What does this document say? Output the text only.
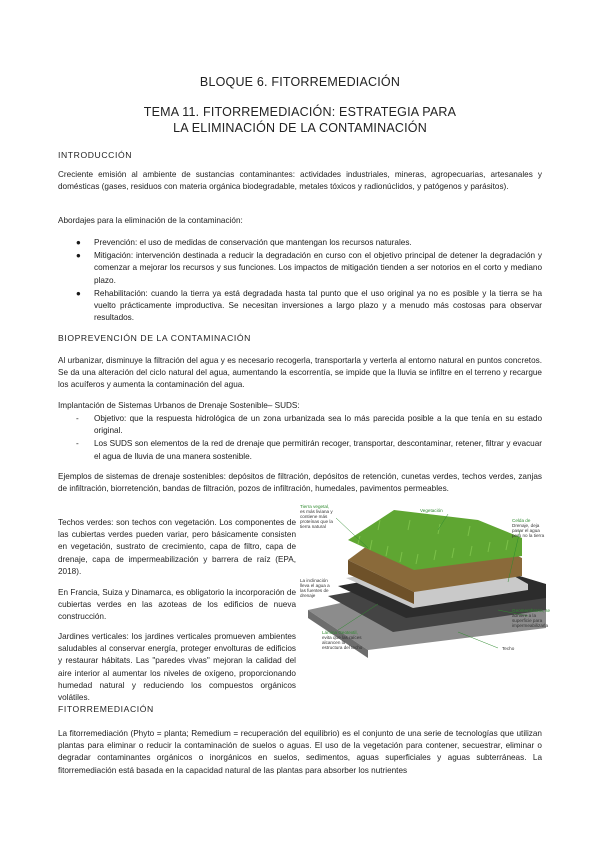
BLOQUE 6. FITORREMEDIACIÓN
TEMA 11. FITORREMEDIACIÓN: ESTRATEGIA PARA
LA ELIMINACIÓN DE LA CONTAMINACIÓN
INTRODUCCIÓN
Creciente emisión al ambiente de sustancias contaminantes: actividades industriales, mineras, agropecuarias, artesanales y domésticas (gases, residuos con materia orgánica biodegradable, metales tóxicos y radionúclidos, y patógenos y parásitos).
Abordajes para la eliminación de la contaminación:
● Prevención: el uso de medidas de conservación que mantengan los recursos naturales.
● Mitigación: intervención destinada a reducir la degradación en curso con el objetivo principal de detener la degradación y comenzar a mejorar los recursos y sus funciones. Los impactos de mitigación tienden a ser notorios en el corto y mediano plazo.
● Rehabilitación: cuando la tierra ya está degradada hasta tal punto que el uso original ya no es posible y la tierra se ha vuelto prácticamente improductiva. Se necesitan inversiones a largo plazo y a menudo más costosas para observar resultados.
BIOPREVENCIÓN DE LA CONTAMINACIÓN
Al urbanizar, disminuye la filtración del agua y es necesario recogerla, transportarla y verterla al entorno natural en puntos concretos. Se da una alteración del ciclo natural del agua, aumentando la escorrentía, se impide que la lluvia se infiltre en el terreno y recargue los acuíferos y aumenta la contaminación del agua.
Implantación de Sistemas Urbanos de Drenaje Sostenible– SUDS:
- Objetivo: que la respuesta hidrológica de un zona urbanizada sea lo más parecida posible a la que tenía en su estado original.
- Los SUDS son elementos de la red de drenaje que permitirán recoger, transportar, descontaminar, retener, filtrar y evacuar el agua de lluvia de una manera sostenible.
Ejemplos de sistemas de drenaje sostenibles: depósitos de filtración, depósitos de retención, cunetas verdes, techos verdes, zanjas de infiltración, biorretención, bandas de filtración, pozos de infiltración, humedales, pavimentos permeables.
Techos verdes: son techos con vegetación. Los componentes de las cubiertas verdes pueden variar, pero básicamente consisten en vegetación, sustrato de crecimiento, capa de filtro, capa de drenaje, capa de impermeabilización y barrera de raíz (EPA, 2018).
En Francia, Suiza y Dinamarca, es obligatorio la incorporación de cubiertas verdes en las azoteas de los edificios de nueva construcción.
Jardines verticales: los jardines verticales promueven ambientes saludables al conservar energía, proteger envolturas de edificios y restaurar hábitats. Las "paredes vivas" mejoran la calidad del aire interior al aumentar los niveles de oxígeno, proporcionando humedad natural y reduciendo los compuestos orgánicos volátiles.
Tierra vegetal,
es más liviana y
contiene más
proteínas que la
tierra natural
Vegetación
Celda de
Drenaje, deja
pasar el agua
pero no la tierra
La inclinación
lleva el agua a
las fuentes de
drenaje
Lámina Geotextil,
evita que las raíces
alcancen la
estructura del techo
Geomembrana, se
adhiere a la
superficie para
impermeabilizarla
Techo
FITORREMEDIACIÓN
La fitorremediación (Phyto = planta; Remedium = recuperación del equilibrio) es el conjunto de una serie de tecnologías que utilizan plantas para eliminar o reducir la contaminación de suelos o aguas. El uso de la vegetación para contener, secuestrar, eliminar o degradar contaminantes orgánicos o inorgánicos en suelos, sedimentos, aguas superficiales y aguas subterráneas. La fitorremediación está basada en la capacidad natural de las plantas para absorber los nutrientes
